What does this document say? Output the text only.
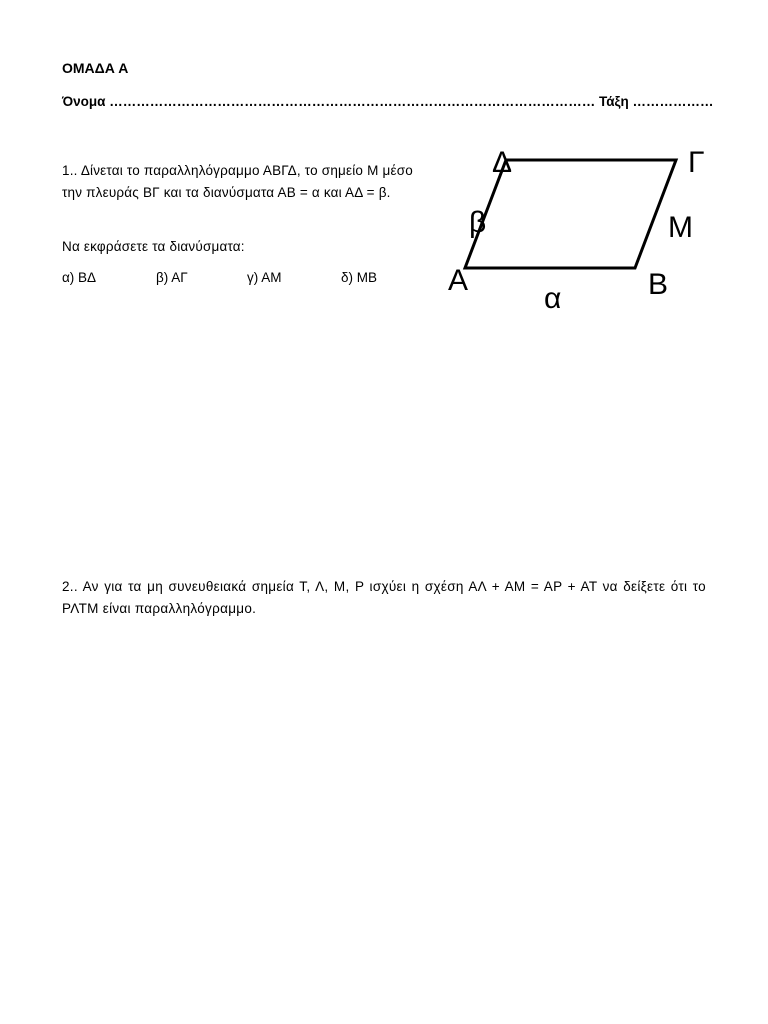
ΟΜΑΔΑ Α
Όνομα ……………………………………………………………………………………………… Τάξη ………………
1.. Δίνεται το παραλληλόγραμμο ΑΒΓΔ, το σημείο Μ μέσο την πλευράς ΒΓ και τα διανύσματα ΑΒ = α και ΑΔ = β.
Να εκφράσετε τα διανύσματα:
α) ΒΔ	β) ΑΓ	γ) ΑΜ	δ) ΜΒ
Δ	Γ
β	Μ
Α	Β
α
2.. Αν για τα μη συνευθειακά σημεία Τ, Λ, Μ, Ρ ισχύει η σχέση ΑΛ + ΑΜ = ΑΡ + ΑΤ να δείξετε ότι το ΡΛΤΜ είναι παραλληλόγραμμο.
